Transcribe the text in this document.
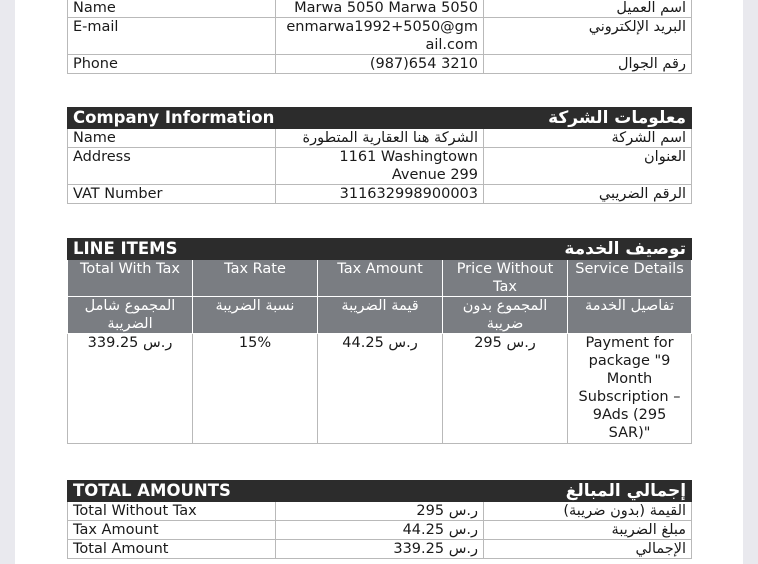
Name	Marwa 5050 Marwa 5050	اسم العميل
E-mail	enmarwa1992+5050@gmail.com	البريد الإلكتروني
Phone	(987)654 3210	رقم الجوال
Company Information		معلومات الشركة	
Name	الشركة هنا العقارية المتطورة		اسم الشركة
Address	1161 Washingtown Avenue 299		العنوان
VAT Number	311632998900003		الرقم الضريبي
LINE ITEMS		توصيف الخدمة		
Total With Tax	Tax Rate	Tax Amount	Price Without Tax	Service Details
المجموع شامل الضريبة	نسبة الضريبة	قيمة الضريبة	المجموع بدون ضريبة	تفاصيل الخدمة
339.25 ر.س	15%	44.25 ر.س	295 ر.س	Payment for package "9 Month Subscription – 9Ads (295 SAR)"
TOTAL AMOUNTS		إجمالي المبالغ	
Total Without Tax	295 ر.س		القيمة (بدون ضريبة)
Tax Amount	44.25 ر.س		مبلغ الضريبة
Total Amount	339.25 ر.س		الإجمالي
